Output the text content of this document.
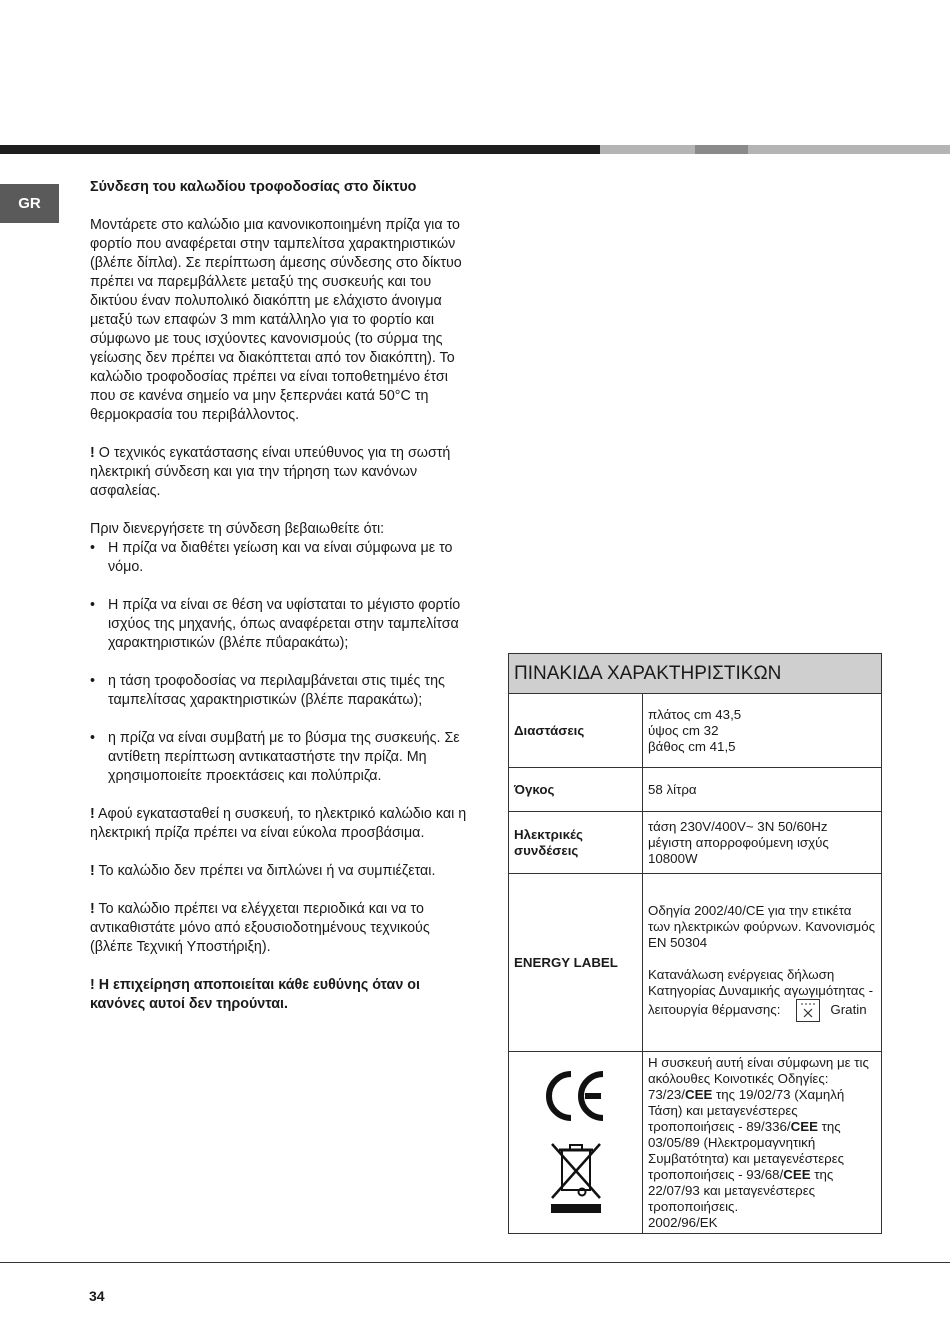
GR

Σύνδεση του καλωδίου τροφοδοσίας στο δίκτυο

Μοντάρετε στο καλώδιο μια κανονικοποιημένη πρίζα για το φορτίο που αναφέρεται στην ταμπελίτσα χαρακτηριστικών (βλέπε δίπλα). Σε περίπτωση άμεσης σύνδεσης στο δίκτυο πρέπει να παρεμβάλλετε μεταξύ της συσκευής και του δικτύου έναν πολυπολικό διακόπτη με ελάχιστο άνοιγμα μεταξύ των επαφών 3 mm κατάλληλο για το φορτίο και σύμφωνο με τους ισχύοντες κανονισμούς (το σύρμα της γείωσης δεν πρέπει να διακόπτεται από τον διακόπτη). Το καλώδιο τροφοδοσίας πρέπει να είναι τοποθετημένο έτσι που σε κανένα σημείο να μην ξεπερνάει κατά 50°C τη θερμοκρασία του περιβάλλοντος.

! Ο τεχνικός εγκατάστασης είναι υπεύθυνος για τη σωστή ηλεκτρική σύνδεση και για την τήρηση των κανόνων ασφαλείας.

Πριν διενεργήσετε τη σύνδεση βεβαιωθείτε ότι:

• Η πρίζα να διαθέτει γείωση και να είναι σύμφωνα με το νόμο.
• Η πρίζα να είναι σε θέση να υφίσταται το μέγιστο φορτίο ισχύος της μηχανής, όπως αναφέρεται στην ταμπελίτσα χαρακτηριστικών (βλέπε πΰαρακάτω);
• η τάση τροφοδοσίας να περιλαμβάνεται στις τιμές της ταμπελίτσας χαρακτηριστικών (βλέπε παρακάτω);
• η πρίζα να είναι συμβατή με το βύσμα της συσκευής. Σε αντίθετη περίπτωση αντικαταστήστε την πρίζα. Μη χρησιμοποιείτε προεκτάσεις και πολύπριζα.

! Αφού εγκατασταθεί η συσκευή, το ηλεκτρικό καλώδιο και η ηλεκτρική πρίζα πρέπει να είναι εύκολα προσβάσιμα.

! Το καλώδιο δεν πρέπει να διπλώνει ή να συμπιέζεται.

! Το καλώδιο πρέπει να ελέγχεται περιοδικά και να το αντικαθιστάτε μόνο από εξουσιοδοτημένους τεχνικούς (βλέπε Τεχνική Υποστήριξη).

! Η επιχείρηση αποποιείται κάθε ευθύνης όταν οι κανόνες αυτοί δεν τηρούνται.

ΠΙΝΑΚΙΔΑ ΧΑΡΑΚΤΗΡΙΣΤΙΚΩΝ	
Διαστάσεις	πλάτος cm 43,5
ύψος cm 32
βάθος cm 41,5

Όγκος	58 λίτρα
Ηλεκτρικές συνδέσεις	τάση 230V/400V~ 3N 50/60Hz
μέγιστη απορροφούμενη ισχύς 10800W

ENERGY LABEL	Οδηγία 2002/40/CE για την ετικέτα των ηλεκτρικών φούρνων. Κανονισμός EN 50304
Κατανάλωση ενέργειας δήλωση Κατηγορίας Δυναμικής αγωγιμότητας - λειτουργία θέρμανσης: Gratin

	Η συσκευή αυτή είναι σύμφωνη με τις ακόλουθες Κοινοτικές Οδηγίες: 73/23/CEE της 19/02/73 (Χαμηλή Τάση) και μεταγενέστερες τροποποιήσεις - 89/336/CEE της 03/05/89 (Ηλεκτρομαγνητική Συμβατότητα) και μεταγενέστερες τροποποιήσεις - 93/68/CEE της 22/07/93 και μεταγενέστερες τροποποιήσεις.
2002/96/EK
34
